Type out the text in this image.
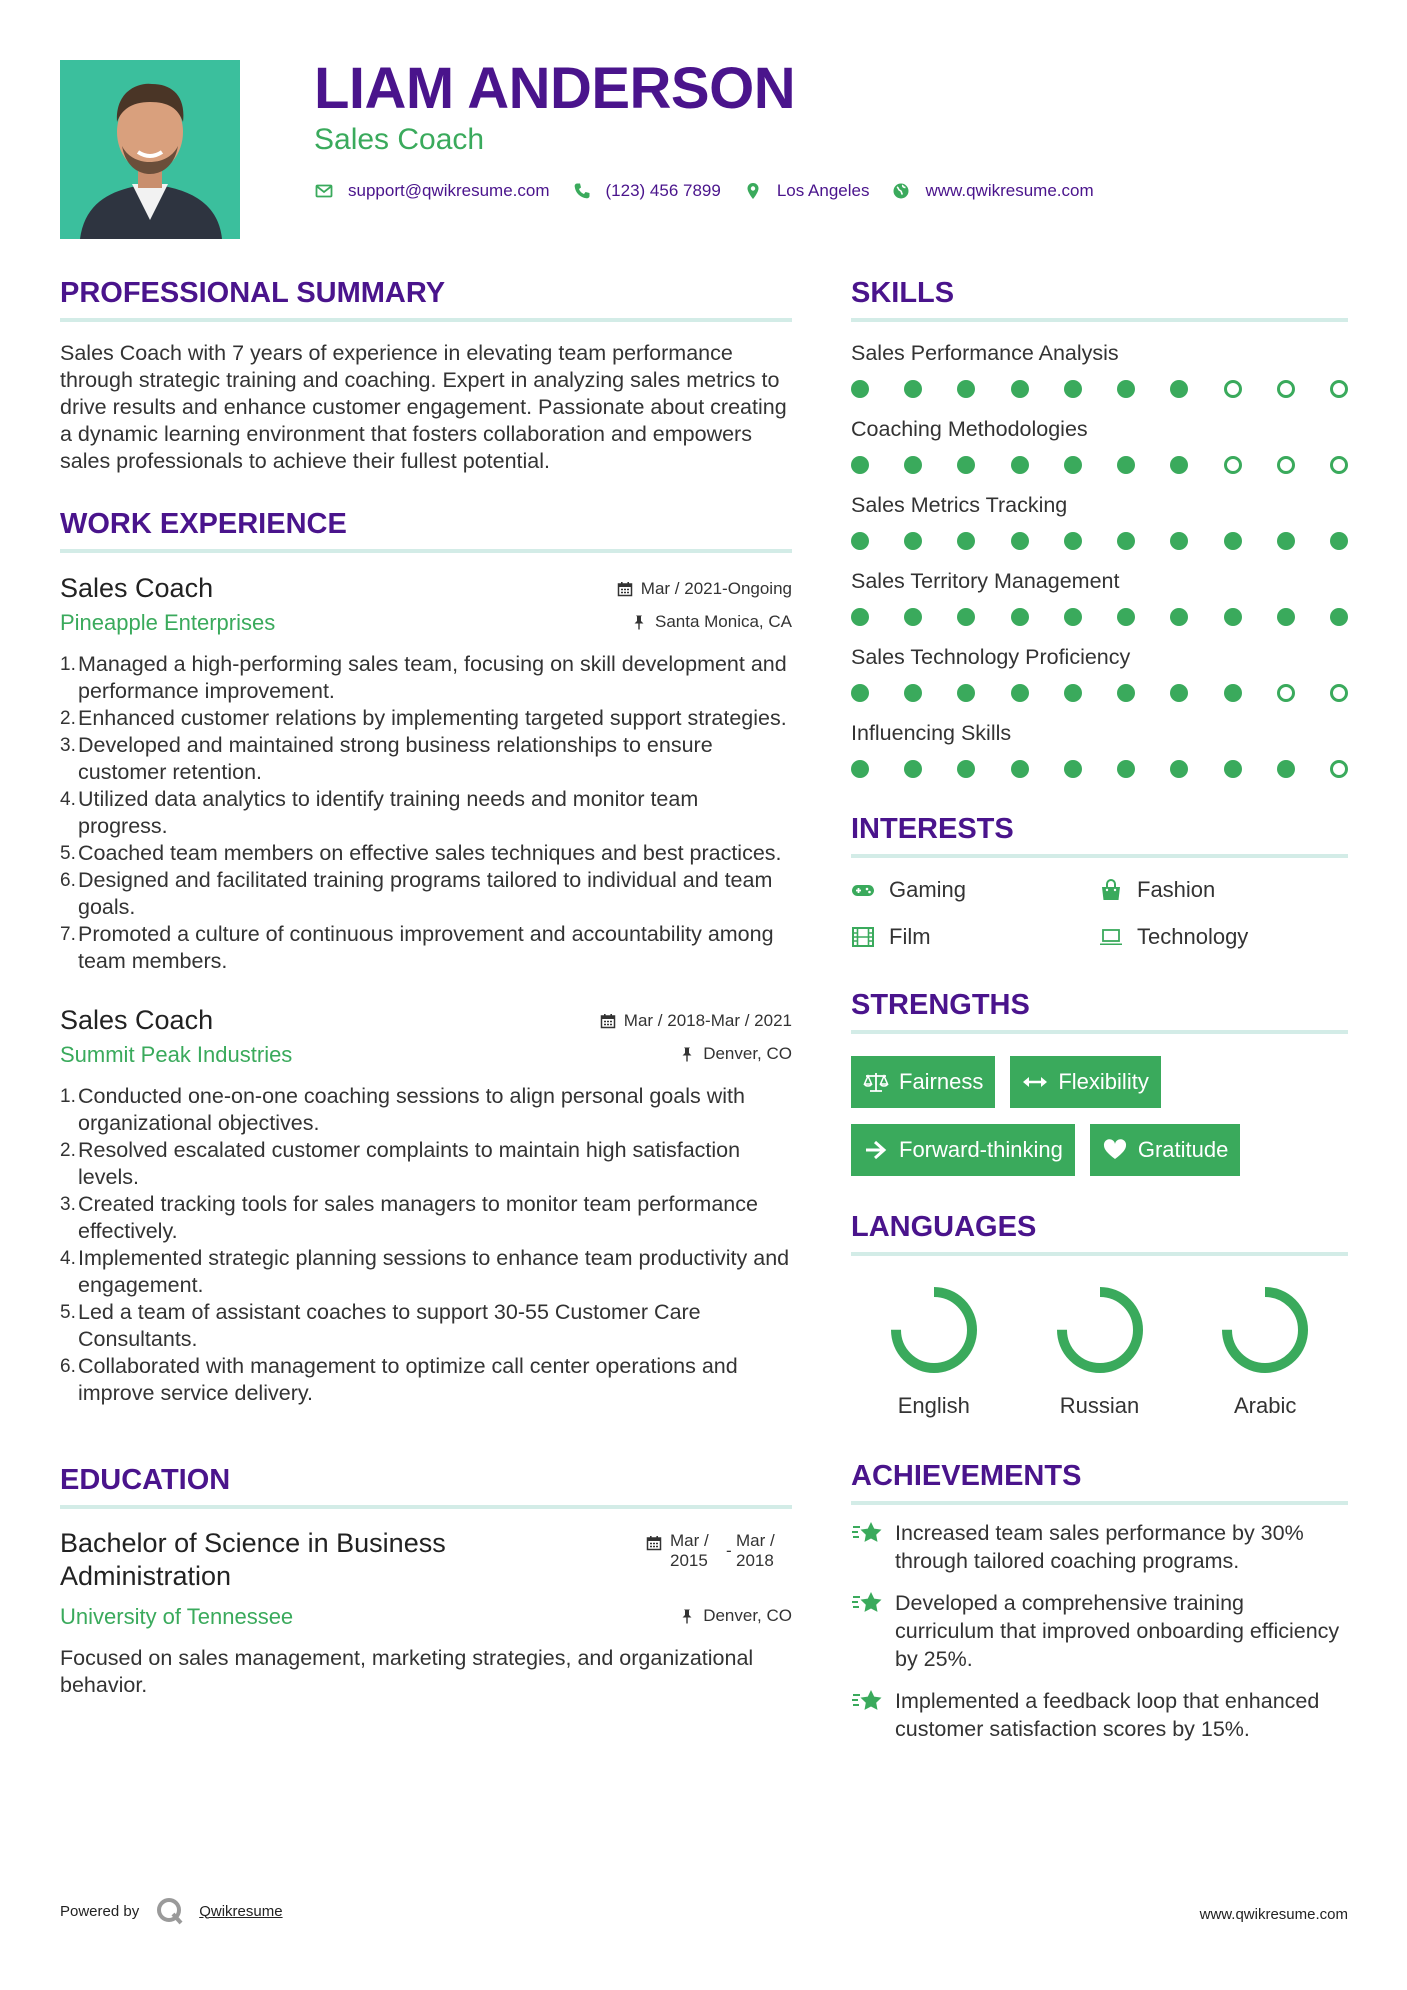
LIAM ANDERSON
Sales Coach
support@qwikresume.com	(123) 456 7899	Los Angeles	www.qwikresume.com
PROFESSIONAL SUMMARY

Sales Coach with 7 years of experience in elevating team performance through strategic training and coaching. Expert in analyzing sales metrics to drive results and enhance customer engagement. Passionate about creating a dynamic learning environment that fosters collaboration and empowers sales professionals to achieve their fullest potential.

WORK EXPERIENCE
Sales Coach	Mar / 2021-Ongoing
Pineapple Enterprises	Santa Monica, CA
1. Managed a high-performing sales team, focusing on skill development and performance improvement.
2. Enhanced customer relations by implementing targeted support strategies.
3. Developed and maintained strong business relationships to ensure customer retention.
4. Utilized data analytics to identify training needs and monitor team progress.
5. Coached team members on effective sales techniques and best practices.
6. Designed and facilitated training programs tailored to individual and team goals.
7. Promoted a culture of continuous improvement and accountability among team members.
Sales Coach	Mar / 2018-Mar / 2021
Summit Peak Industries	Denver, CO
1. Conducted one-on-one coaching sessions to align personal goals with organizational objectives.
2. Resolved escalated customer complaints to maintain high satisfaction levels.
3. Created tracking tools for sales managers to monitor team performance effectively.
4. Implemented strategic planning sessions to enhance team productivity and engagement.
5. Led a team of assistant coaches to support 30-55 Customer Care Consultants.
6. Collaborated with management to optimize call center operations and improve service delivery.
EDUCATION
Bachelor of Science in Business Administration
Mar / 2015
-
Mar / 2018
University of Tennessee	Denver, CO

Focused on sales management, marketing strategies, and organizational behavior.

SKILLS
Sales Performance Analysis
Coaching Methodologies
Sales Metrics Tracking
Sales Territory Management
Sales Technology Proficiency
Influencing Skills
INTERESTS
Gaming	Fashion
Film	Technology
STRENGTHS
Fairness	Flexibility
Forward-thinking	Gratitude
LANGUAGES
English	Russian	Arabic
ACHIEVEMENTS
Increased team sales performance by 30% through tailored coaching programs.
Developed a comprehensive training curriculum that improved onboarding efficiency by 25%.
Implemented a feedback loop that enhanced customer satisfaction scores by 15%.
Powered by	Qwikresume	www.qwikresume.com
